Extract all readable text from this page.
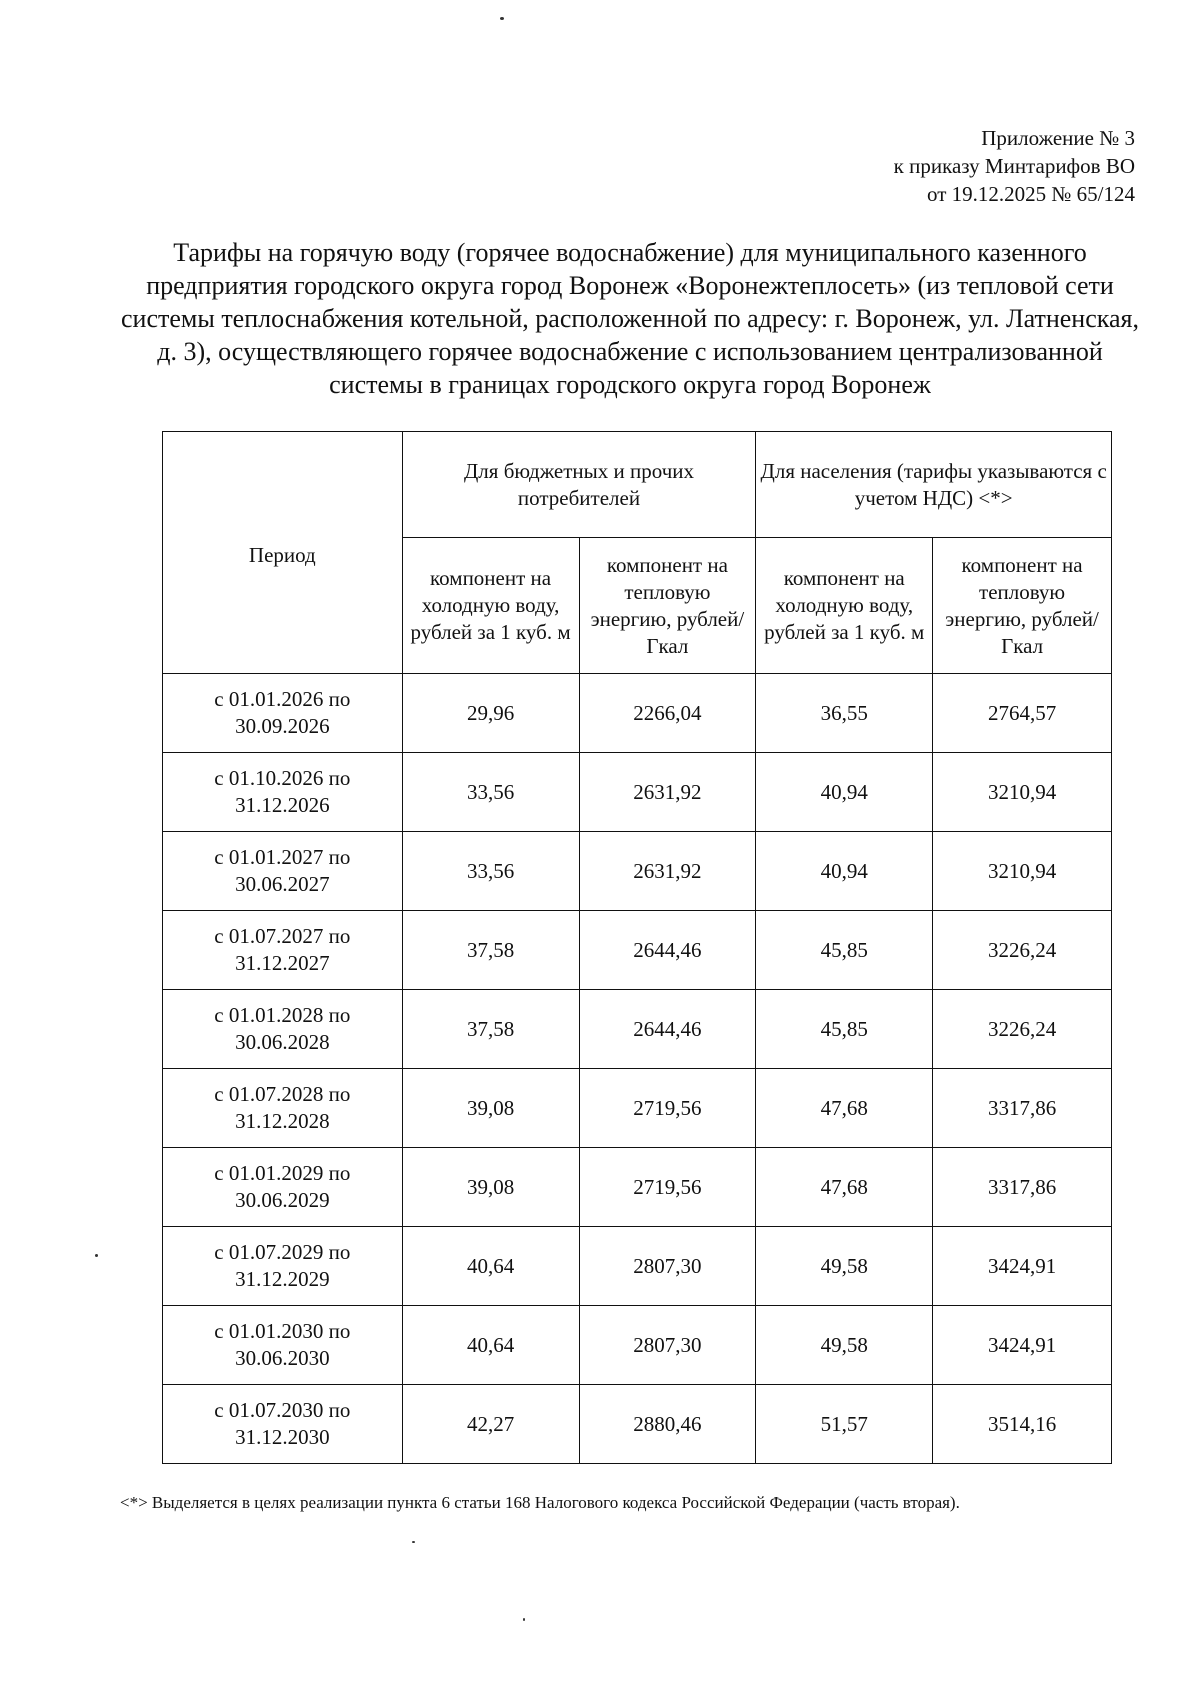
Приложение № 3
к приказу Минтарифов ВО
от 19.12.2025 № 65/124
Тарифы на горячую воду (горячее водоснабжение) для муниципального казенного предприятия городского округа город Воронеж «Воронежтеплосеть» (из тепловой сети системы теплоснабжения котельной, расположенной по адресу: г. Воронеж, ул. Латненская, д. 3), осуществляющего горячее водоснабжение с использованием централизованной системы в границах городского округа город Воронеж
Период	Для бюджетных и прочих потребителей		Для населения (тарифы указываются с учетом НДС) <*>	
	компонент на холодную воду, рублей за 1 куб. м	компонент на тепловую энергию, рублей/Гкал	компонент на холодную воду, рублей за 1 куб. м	компонент на тепловую энергию, рублей/Гкал
с 01.01.2026 по 30.09.2026	29,96	2266,04	36,55	2764,57
с 01.10.2026 по 31.12.2026	33,56	2631,92	40,94	3210,94
с 01.01.2027 по 30.06.2027	33,56	2631,92	40,94	3210,94
с 01.07.2027 по 31.12.2027	37,58	2644,46	45,85	3226,24
с 01.01.2028 по 30.06.2028	37,58	2644,46	45,85	3226,24
с 01.07.2028 по 31.12.2028	39,08	2719,56	47,68	3317,86
с 01.01.2029 по 30.06.2029	39,08	2719,56	47,68	3317,86
с 01.07.2029 по 31.12.2029	40,64	2807,30	49,58	3424,91
с 01.01.2030 по 30.06.2030	40,64	2807,30	49,58	3424,91
с 01.07.2030 по 31.12.2030	42,27	2880,46	51,57	3514,16
<*> Выделяется в целях реализации пункта 6 статьи 168 Налогового кодекса Российской Федерации (часть вторая).
